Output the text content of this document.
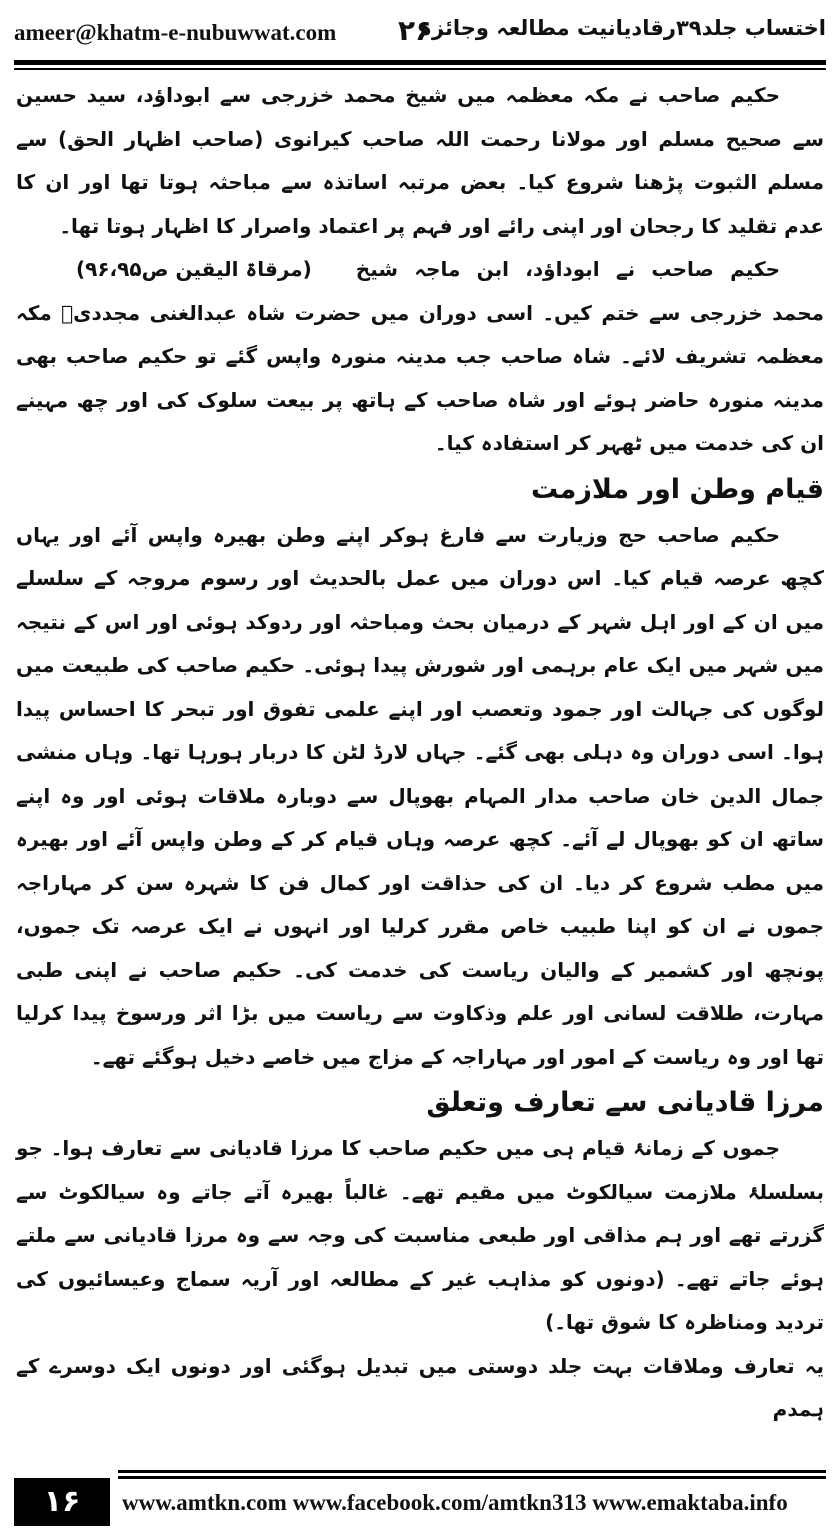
ameer@khatm-e-nubuwwat.com ۲۶
اختساب جلد۳۹رقادیانیت مطالعہ وجائزہ

حکیم صاحب نے مکہ معظمہ میں شیخ محمد خزرجی سے ابوداؤد، سید حسین سے صحیح مسلم اور مولانا رحمت اللہ صاحب کیرانوی (صاحب اظہار الحق) سے مسلم الثبوت پڑھنا شروع کیا۔ بعض مرتبہ اساتذہ سے مباحثہ ہوتا تھا اور ان کا عدم تقلید کا رجحان اور اپنی رائے اور فہم پر اعتماد واصرار کا اظہار ہوتا تھا۔
(مرقاۃ الیقین ص۹۶،۹۵)	حکیم صاحب نے ابوداؤد، ابن ماجہ شیخ محمد خزرجی سے ختم کیں۔ اسی دوران میں حضرت شاہ عبدالغنی مجددیؒ مکہ معظمہ تشریف لائے۔ شاہ صاحب جب مدینہ منورہ واپس گئے تو حکیم صاحب بھی مدینہ منورہ حاضر ہوئے اور شاہ صاحب کے ہاتھ پر بیعت سلوک کی اور چھ مہینے ان کی خدمت میں ٹھہر کر استفادہ کیا۔

قیام وطن اور ملازمت

حکیم صاحب حج وزیارت سے فارغ ہوکر اپنے وطن بھیرہ واپس آئے اور یہاں کچھ عرصہ قیام کیا۔ اس دوران میں عمل بالحدیث اور رسوم مروجہ کے سلسلے میں ان کے اور اہل شہر کے درمیان بحث ومباحثہ اور ردوکد ہوئی اور اس کے نتیجہ میں شہر میں ایک عام برہمی اور شورش پیدا ہوئی۔ حکیم صاحب کی طبیعت میں لوگوں کی جہالت اور جمود وتعصب اور اپنے علمی تفوق اور تبحر کا احساس پیدا ہوا۔ اسی دوران وہ دہلی بھی گئے۔ جہاں لارڈ لٹن کا دربار ہورہا تھا۔ وہاں منشی جمال الدین خان صاحب مدار المہام بھوپال سے دوبارہ ملاقات ہوئی اور وہ اپنے ساتھ ان کو بھوپال لے آئے۔ کچھ عرصہ وہاں قیام کر کے وطن واپس آئے اور بھیرہ میں مطب شروع کر دیا۔ ان کی حذاقت اور کمال فن کا شہرہ سن کر مہاراجہ جموں نے ان کو اپنا طبیب خاص مقرر کرلیا اور انہوں نے ایک عرصہ تک جموں، پونچھ اور کشمیر کے والیان ریاست کی خدمت کی۔ حکیم صاحب نے اپنی طبی مہارت، طلاقت لسانی اور علم وذکاوت سے ریاست میں بڑا اثر ورسوخ پیدا کرلیا تھا اور وہ ریاست کے امور اور مہاراجہ کے مزاج میں خاصے دخیل ہوگئے تھے۔

مرزا قادیانی سے تعارف وتعلق

جموں کے زمانۂ قیام ہی میں حکیم صاحب کا مرزا قادیانی سے تعارف ہوا۔ جو بسلسلۂ ملازمت سیالکوٹ میں مقیم تھے۔ غالباً بھیرہ آتے جاتے وہ سیالکوٹ سے گزرتے تھے اور ہم مذاقی اور طبعی مناسبت کی وجہ سے وہ مرزا قادیانی سے ملتے ہوئے جاتے تھے۔ (دونوں کو مذاہب غیر کے مطالعہ اور آریہ سماج وعیسائیوں کی تردید ومناظرہ کا شوق تھا۔)

یہ تعارف وملاقات بہت جلد دوستی میں تبدیل ہوگئی اور دونوں ایک دوسرے کے ہمدم

۱۶	www.amtkn.com www.facebook.com/amtkn313 www.emaktaba.info
